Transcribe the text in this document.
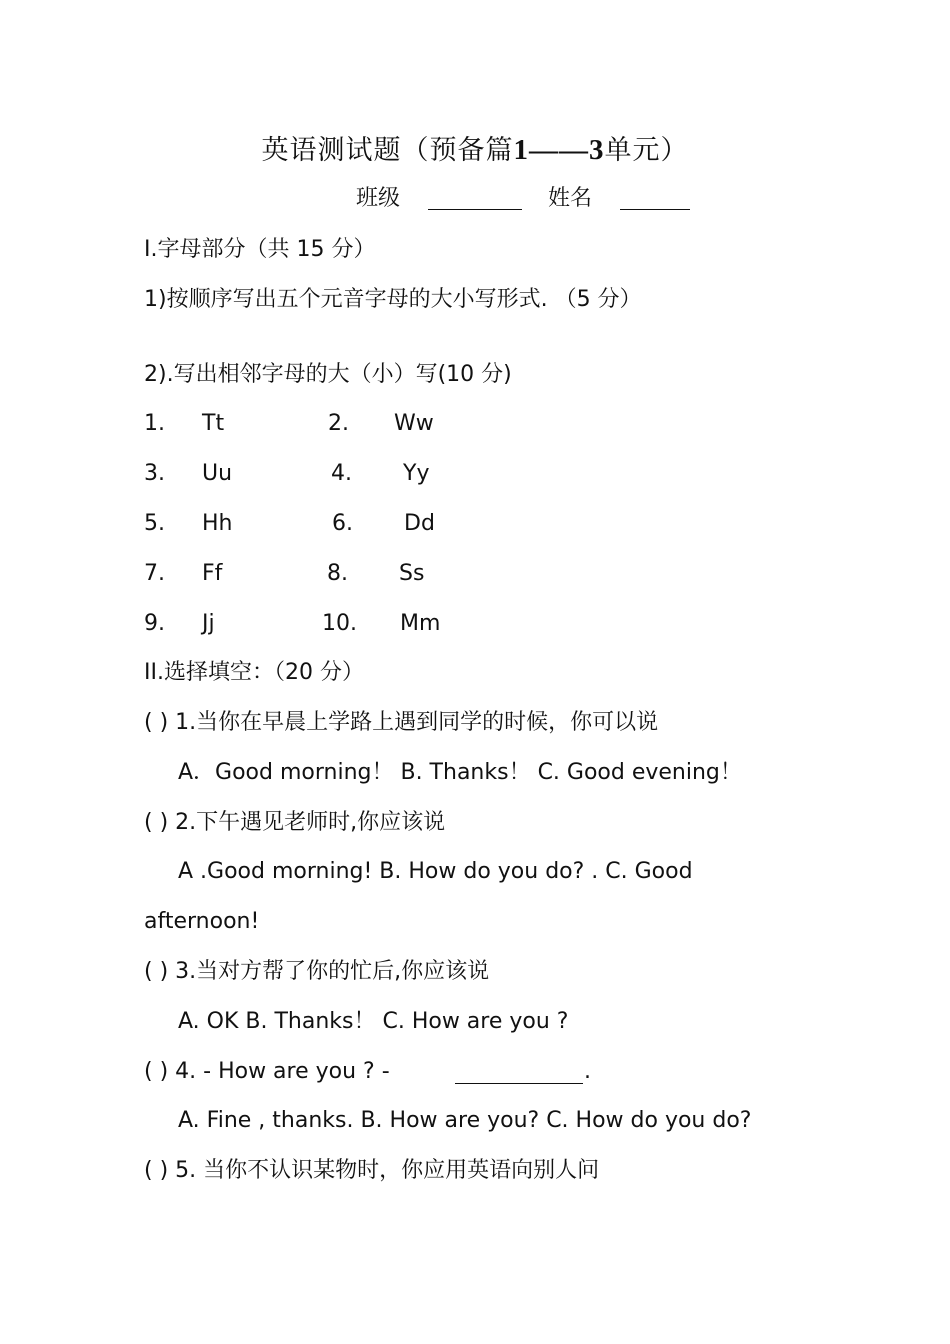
英语测试题（预备篇1——3单元）
班级	姓名
I.字母部分（共 15 分）
1)按顺序写出五个元音字母的大小写形式. （5 分）
2).写出相邻字母的大（小）写(10 分)
1. Tt	2. Ww
3. Uu	4. Yy
5. Hh	6. Dd
7. Ff	8. Ss
9. Jj	10. Mm
II.选择填空：（20 分）
( ) 1.当你在早晨上学路上遇到同学的时候，你可以说
A．Good morning！ B. Thanks！ C. Good evening！
( ) 2.下午遇见老师时,你应该说
A .Good morning! B. How do you do? . C. Good
afternoon!
( ) 3.当对方帮了你的忙后,你应该说
A. OK B. Thanks！ C. How are you ?
( ) 4. - How are you ? -	.
A. Fine , thanks. B. How are you? C. How do you do?
( ) 5. 当你不认识某物时，你应用英语向别人问
